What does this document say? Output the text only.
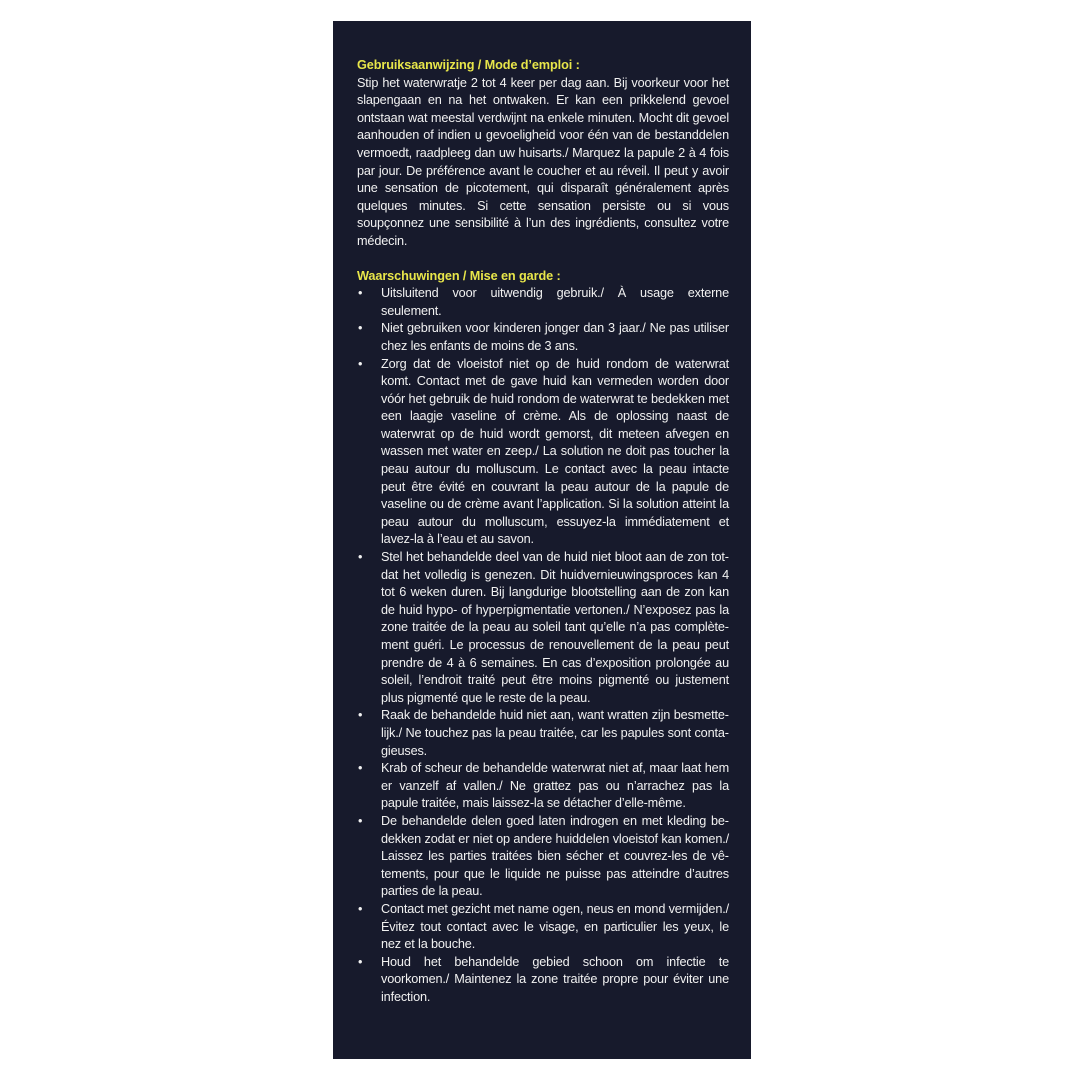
Gebruiksaanwijzing / Mode d’emploi :

Stip het waterwratje 2 tot 4 keer per dag aan. Bij voorkeur voor het slapengaan en na het ontwaken. Er kan een prikkelend gevoel ontstaan wat meestal verdwijnt na enkele minuten. Mocht dit gevoel aanhouden of indien u gevoeligheid voor één van de bestanddelen vermoedt, raadpleeg dan uw huisarts./ Marquez la papule 2 à 4 fois par jour. De préférence avant le coucher et au réveil. Il peut y avoir une sensation de picotement, qui disparaît généralement après quelques minutes. Si cette sensation persiste ou si vous soupçonnez une sensibilité à l’un des ingrédients, consultez votre médecin.

Waarschuwingen / Mise en garde :

• Uitsluitend voor uitwendig gebruik./ À usage externe seulement.
• Niet gebruiken voor kinderen jonger dan 3 jaar./ Ne pas utiliser chez les enfants de moins de 3 ans.
• Zorg dat de vloeistof niet op de huid rondom de waterwrat komt. Contact met de gave huid kan vermeden worden door vóór het gebruik de huid rondom de waterwrat te bedekken met een laagje vaseline of crème. Als de oplossing naast de waterwrat op de huid wordt gemorst, dit meteen afvegen en wassen met water en zeep./ La solution ne doit pas toucher la peau autour du molluscum. Le contact avec la peau intacte peut être évité en couvrant la peau autour de la papule de vaseline ou de crème avant l’application. Si la solution atteint la peau autour du molluscum, essuyez-la immédiatement et lavez-la à l’eau et au savon.
• Stel het behandelde deel van de huid niet bloot aan de zon totdat het volledig is genezen. Dit huidvernieuwingsproces kan 4 tot 6 weken duren. Bij langdurige blootstelling aan de zon kan de huid hypo- of hyperpigmentatie vertonen./ N’exposez pas la zone traitée de la peau au soleil tant qu’elle n’a pas complètement guéri. Le processus de renouvellement de la peau peut prendre de 4 à 6 semaines. En cas d’exposition prolongée au soleil, l’endroit traité peut être moins pigmenté ou justement plus pigmenté que le reste de la peau.
• Raak de behandelde huid niet aan, want wratten zijn besmettelijk./ Ne touchez pas la peau traitée, car les papules sont contagieuses.
• Krab of scheur de behandelde waterwrat niet af, maar laat hem er vanzelf af vallen./ Ne grattez pas ou n’arrachez pas la papule traitée, mais laissez-la se détacher d’elle-même.
• De behandelde delen goed laten indrogen en met kleding bedekken zodat er niet op andere huiddelen vloeistof kan komen./ Laissez les parties traitées bien sécher et couvrez-les de vêtements, pour que le liquide ne puisse pas atteindre d’autres parties de la peau.
• Contact met gezicht met name ogen, neus en mond vermijden./ Évitez tout contact avec le visage, en particulier les yeux, le nez et la bouche.
• Houd het behandelde gebied schoon om infectie te voorkomen./ Maintenez la zone traitée propre pour éviter une infection.
